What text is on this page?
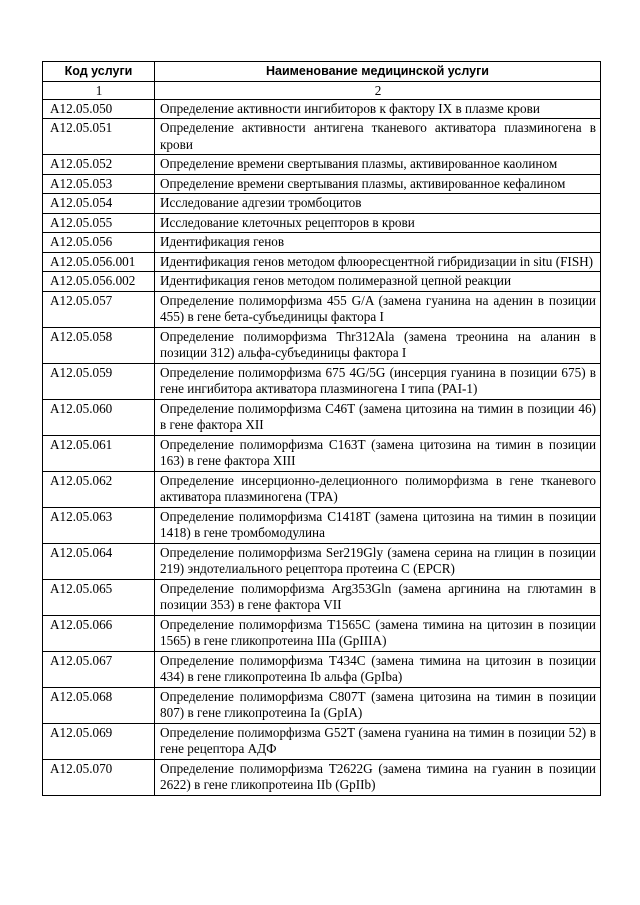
Код услуги	Наименование медицинской услуги
1	2
A12.05.050	Определение активности ингибиторов к фактору IX в плазме крови
A12.05.051	Определение активности антигена тканевого активатора плазминогена в крови
A12.05.052	Определение времени свертывания плазмы, активированное каолином
A12.05.053	Определение времени свертывания плазмы, активированное кефалином
A12.05.054	Исследование адгезии тромбоцитов
A12.05.055	Исследование клеточных рецепторов в крови
A12.05.056	Идентификация генов
A12.05.056.001	Идентификация генов методом флюоресцентной гибридизации in situ (FISH)
A12.05.056.002	Идентификация генов методом полимеразной цепной реакции
A12.05.057	Определение полиморфизма 455 G/A (замена гуанина на аденин в позиции 455) в гене бета-субъединицы фактора I
A12.05.058	Определение полиморфизма Thr312Ala (замена треонина на аланин в позиции 312) альфа-субъединицы фактора I
A12.05.059	Определение полиморфизма 675 4G/5G (инсерция гуанина в позиции 675) в гене ингибитора активатора плазминогена I типа (PAI-1)
A12.05.060	Определение полиморфизма C46T (замена цитозина на тимин в позиции 46) в гене фактора XII
A12.05.061	Определение полиморфизма C163T (замена цитозина на тимин в позиции 163) в гене фактора XIII
A12.05.062	Определение инсерционно-делеционного полиморфизма в гене тканевого активатора плазминогена (TPA)
A12.05.063	Определение полиморфизма C1418T (замена цитозина на тимин в позиции 1418) в гене тромбомодулина
A12.05.064	Определение полиморфизма Ser219Gly (замена серина на глицин в позиции 219) эндотелиального рецептора протеина C (EPCR)
A12.05.065	Определение полиморфизма Arg353Gln (замена аргинина на глютамин в позиции 353) в гене фактора VII
A12.05.066	Определение полиморфизма T1565C (замена тимина на цитозин в позиции 1565) в гене гликопротеина IIIa (GpIIIA)
A12.05.067	Определение полиморфизма T434C (замена тимина на цитозин в позиции 434) в гене гликопротеина Ib альфа (GpIba)
A12.05.068	Определение полиморфизма C807T (замена цитозина на тимин в позиции 807) в гене гликопротеина Ia (GpIA)
A12.05.069	Определение полиморфизма G52T (замена гуанина на тимин в позиции 52) в гене рецептора АДФ
A12.05.070	Определение полиморфизма T2622G (замена тимина на гуанин в позиции 2622) в гене гликопротеина IIb (GpIIb)
